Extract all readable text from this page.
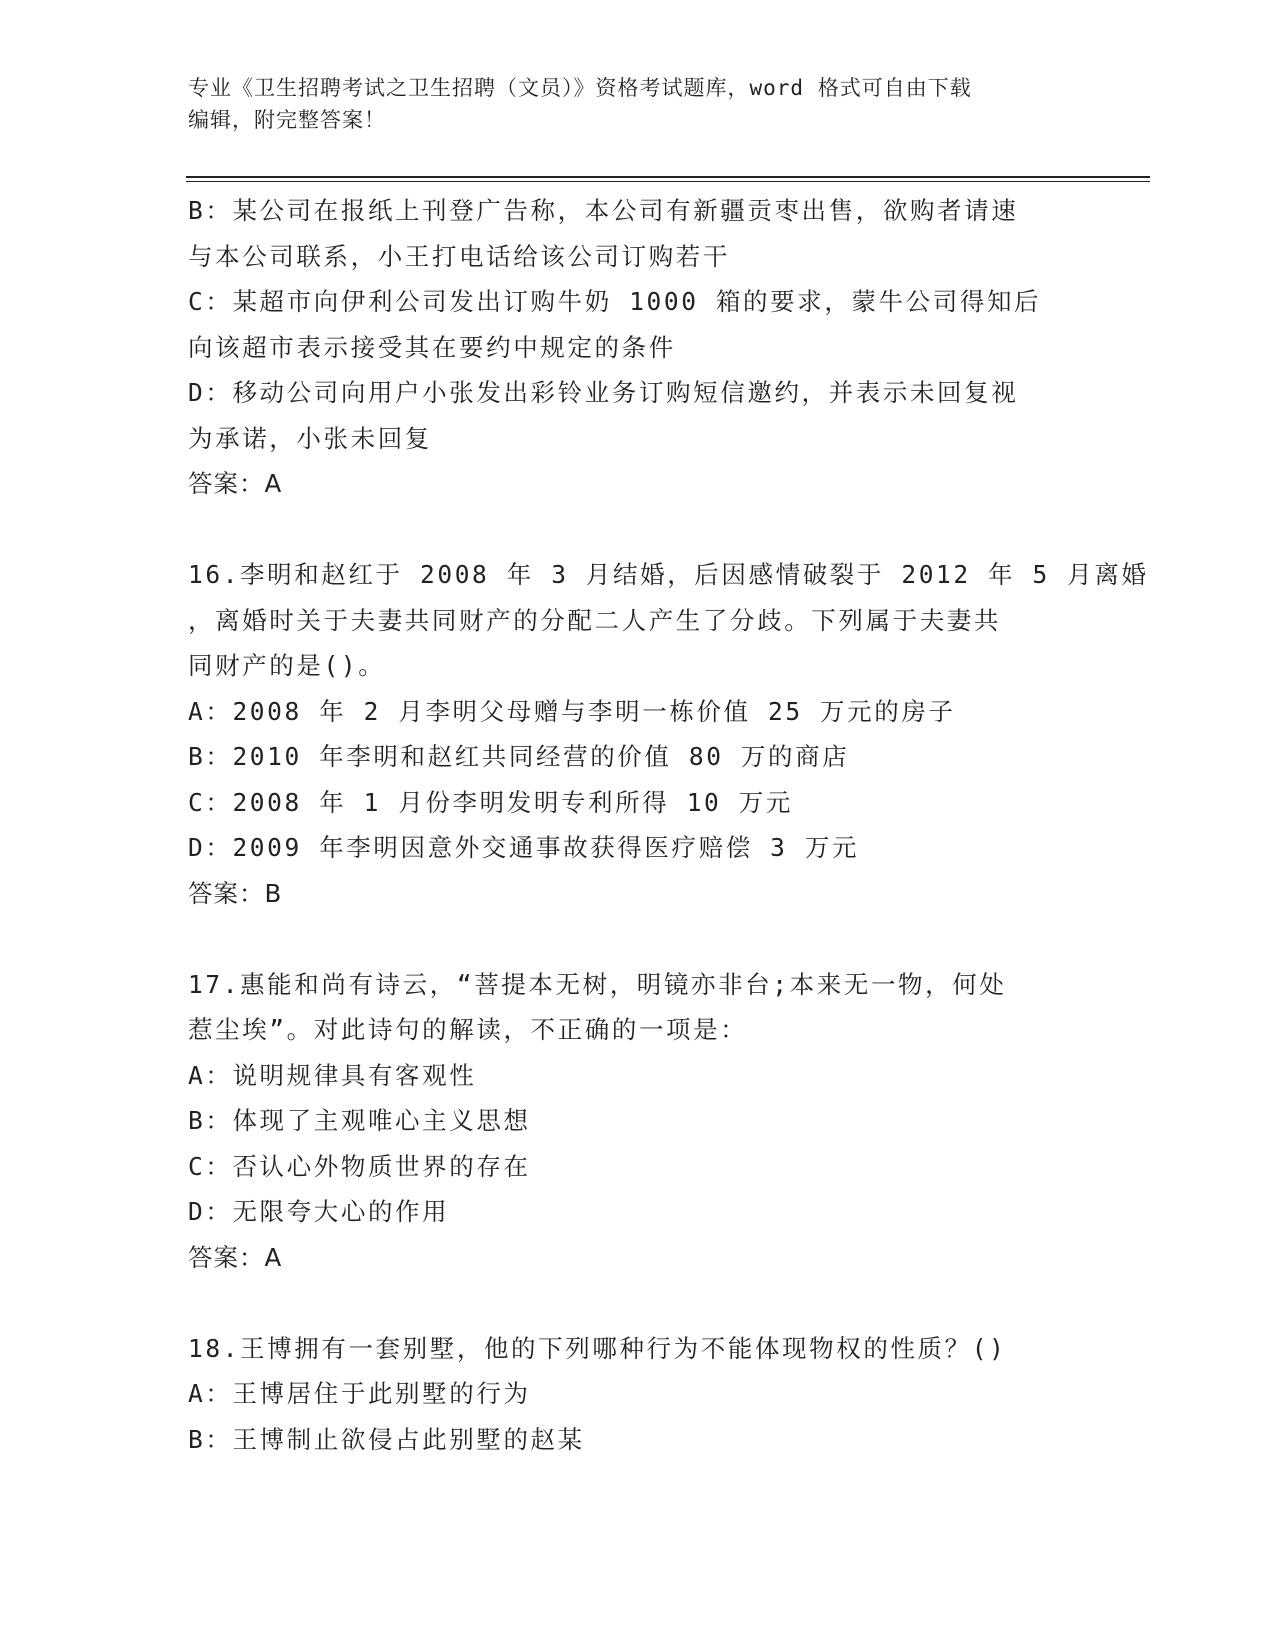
专业《卫生招聘考试之卫生招聘（文员）》资格考试题库，word 格式可自由下载
编辑，附完整答案！
B：某公司在报纸上刊登广告称，本公司有新疆贡枣出售，欲购者请速
与本公司联系，小王打电话给该公司订购若干
C：某超市向伊利公司发出订购牛奶 1000 箱的要求，蒙牛公司得知后
向该超市表示接受其在要约中规定的条件
D：移动公司向用户小张发出彩铃业务订购短信邀约，并表示未回复视
为承诺，小张未回复
答案：A
16.李明和赵红于 2008 年 3 月结婚，后因感情破裂于 2012 年 5 月离婚
，离婚时关于夫妻共同财产的分配二人产生了分歧。下列属于夫妻共
同财产的是()。
A：2008 年 2 月李明父母赠与李明一栋价值 25 万元的房子
B：2010 年李明和赵红共同经营的价值 80 万的商店
C：2008 年 1 月份李明发明专利所得 10 万元
D：2009 年李明因意外交通事故获得医疗赔偿 3 万元
答案：B
17.惠能和尚有诗云，“菩提本无树，明镜亦非台;本来无一物，何处
惹尘埃”。对此诗句的解读，不正确的一项是：
A：说明规律具有客观性
B：体现了主观唯心主义思想
C：否认心外物质世界的存在
D：无限夸大心的作用
答案：A
18.王博拥有一套别墅，他的下列哪种行为不能体现物权的性质？()
A：王博居住于此别墅的行为
B：王博制止欲侵占此别墅的赵某
